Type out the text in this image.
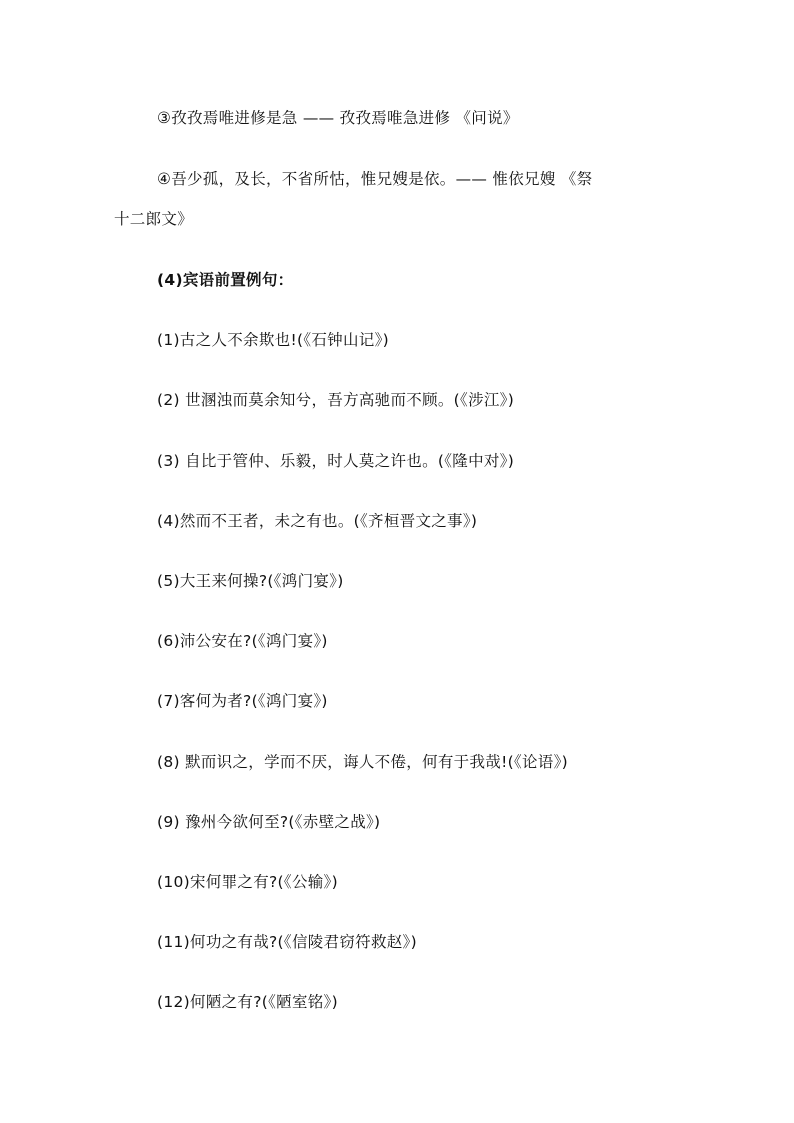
③孜孜焉唯进修是急 —— 孜孜焉唯急进修 《问说》
④吾少孤，及长，不省所怙，惟兄嫂是依。—— 惟依兄嫂 《祭
十二郎文》
(4)宾语前置例句：
(1)古之人不余欺也!(《石钟山记》)
(2) 世溷浊而莫余知兮，吾方高驰而不顾。(《涉江》)
(3) 自比于管仲、乐毅，时人莫之许也。(《隆中对》)
(4)然而不王者，未之有也。(《齐桓晋文之事》)
(5)大王来何操?(《鸿门宴》)
(6)沛公安在?(《鸿门宴》)
(7)客何为者?(《鸿门宴》)
(8) 默而识之，学而不厌，诲人不倦，何有于我哉!(《论语》)
(9) 豫州今欲何至?(《赤壁之战》)
(10)宋何罪之有?(《公输》)
(11)何功之有哉?(《信陵君窃符救赵》)
(12)何陋之有?(《陋室铭》)
